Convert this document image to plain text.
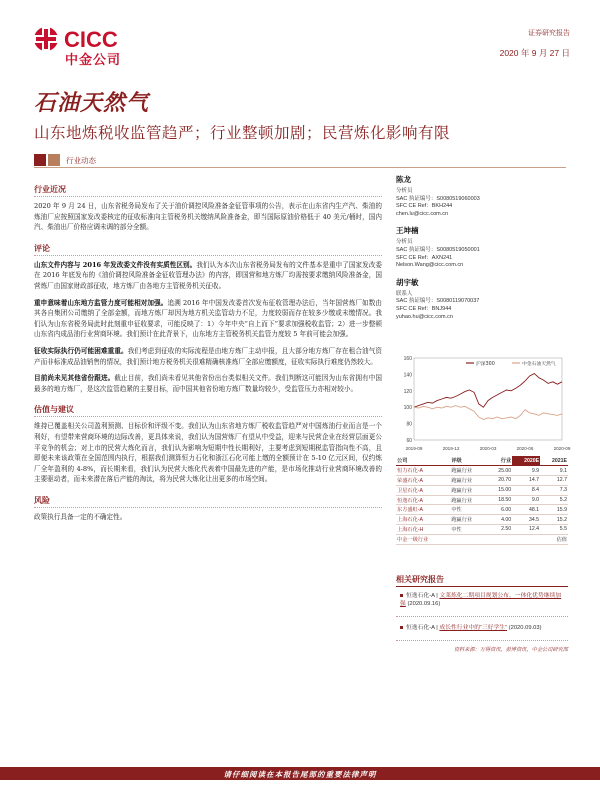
CICC
中金公司
证券研究报告
2020 年 9 月 27 日
石油天然气
山东地炼税收监管趋严；行业整顿加剧；民营炼化影响有限
行业动态
行业近况

2020 年 9 月 24 日，山东省税务局发布了关于油价调控风险准备金征管事项的公告，表示在山东省内生产汽、柴油的炼油厂应按照国家发改委核定的征收标准向主管税务机关缴纳风险准备金，即当国际原油价格低于 40 美元/桶时，国内汽、柴油出厂价格应调未调的部分全额。

评论

山东文件内容与 2016 年发改委文件没有实质性区别。我们认为本次山东省税务局发布的文件基本是重申了国家发改委在 2016 年底发布的《油价调控风险准备金征收管理办法》的内容，即国营和地方炼厂均需按要求缴纳风险准备金，国营炼厂由国家财政部征收，地方炼厂由各地方主管税务机关征收。

重申意味着山东地方监管力度可能相对加强。追溯 2016 年中国发改委首次发布征收管理办法后，当年国营炼厂如数由其各自集团公司缴纳了全部金额，而地方炼厂却因为地方机关监管动力不足，力度较弱而存在较多少缴或未缴情况。我们认为山东省税务局此时此刻重申征收要求，可能反映了：1）今年中央“自上而下”要求加强税收监管；2）进一步整顿山东省内成品油行业营商环境。我们预计在此背景下，山东地方主管税务机关监管力度较 5 年前可能会加强。

征收实际执行仍可能困难重重。我们考虑到征收的实际流程是由地方炼厂主动申报，且大部分地方炼厂存在租合油气资产而非标准成品油销售的情况，我们预计地方税务机关很难精确核准炼厂全部应缴额度，征收实际执行难度仍然较大。

目前尚未见其他省份跟进。截止目前，我们尚未看见其他省份出台类似相关文件。我们判断这可能因为山东省拥有中国最多的地方炼厂，是这次监管趋紧的主要目标，而中国其他省份地方炼厂数量均较少，受监管压力亦相对较小。

估值与建议

维持已覆盖相关公司盈利预测、目标价和评级不变。我们认为山东省地方炼厂税收监管趋严对中国炼油行业而言是一个利好，有望带来营商环境的边际改善，更具体来说，我们认为国营炼厂有望从中受益，迎来与民营企业在经营层面更公平竞争的机会；对上市的民营大炼化而言，我们认为影响为短期中性长期利好，主要考虑到短期税监管指向性不高，且即便未来该政策在全国范围内执行，根据我们测算恒力石化和浙江石化可能上缴的全额预计在 5-10 亿元区间，仅约炼厂全年盈利的 4-8%，而长期来看，我们认为民营大炼化代表着中国最先进的产能，是市场化推动行业营商环境改善的主要驱动者，而未来潜在落后产能的淘汰，将为民营大炼化让出更多的市场空间。

风险

政策执行具备一定的不确定性。

陈龙
分析员
SAC 执证编号：S0080519060003
SFC CE Ref：BKH244
chen.lu@cicc.com.cn
王坤楠
分析员
SAC 执证编号：S0080519050001
SFC CE Ref：AXN241
Nelson.Wang@cicc.com.cn
胡宇敏
联系人
SAC 执证编号：S0080119070037
SFC CE Ref：BNJ944
yuhao.hu@cicc.com.cn
60
80
100
120
140
160
2019-09	2019-12	2020-03	2020-06	2020-09
沪深300	中金石油天然气
公司	评级	行业	2020E	2021E
恒力石化-A	跑赢行业	25.00	9.9	9.1
荣盛石化-A	跑赢行业	20.70	14.7	12.7
卫星石化-A	跑赢行业	15.00	8.4	7.3
恒逸石化-A	跑赢行业	18.50	9.0	5.2
东方盛虹-A	中性	6.00	48.1	15.9
上海石化-A	跑赢行业	4.00	34.5	15.2
上海石化-H	中性	2.50	12.4	5.5
中金一级行业				估值
相关研究报告
恒逸石化-A | 文莱炼化二期项目规划公布，一体化优势继续加强 (2020.09.16)
恒逸石化-A | 成长性行业中的“三好学生” (2020.09.03)
资料来源：万得资讯，彭博资讯，中金公司研究部
请仔细阅读在本报告尾部的重要法律声明
